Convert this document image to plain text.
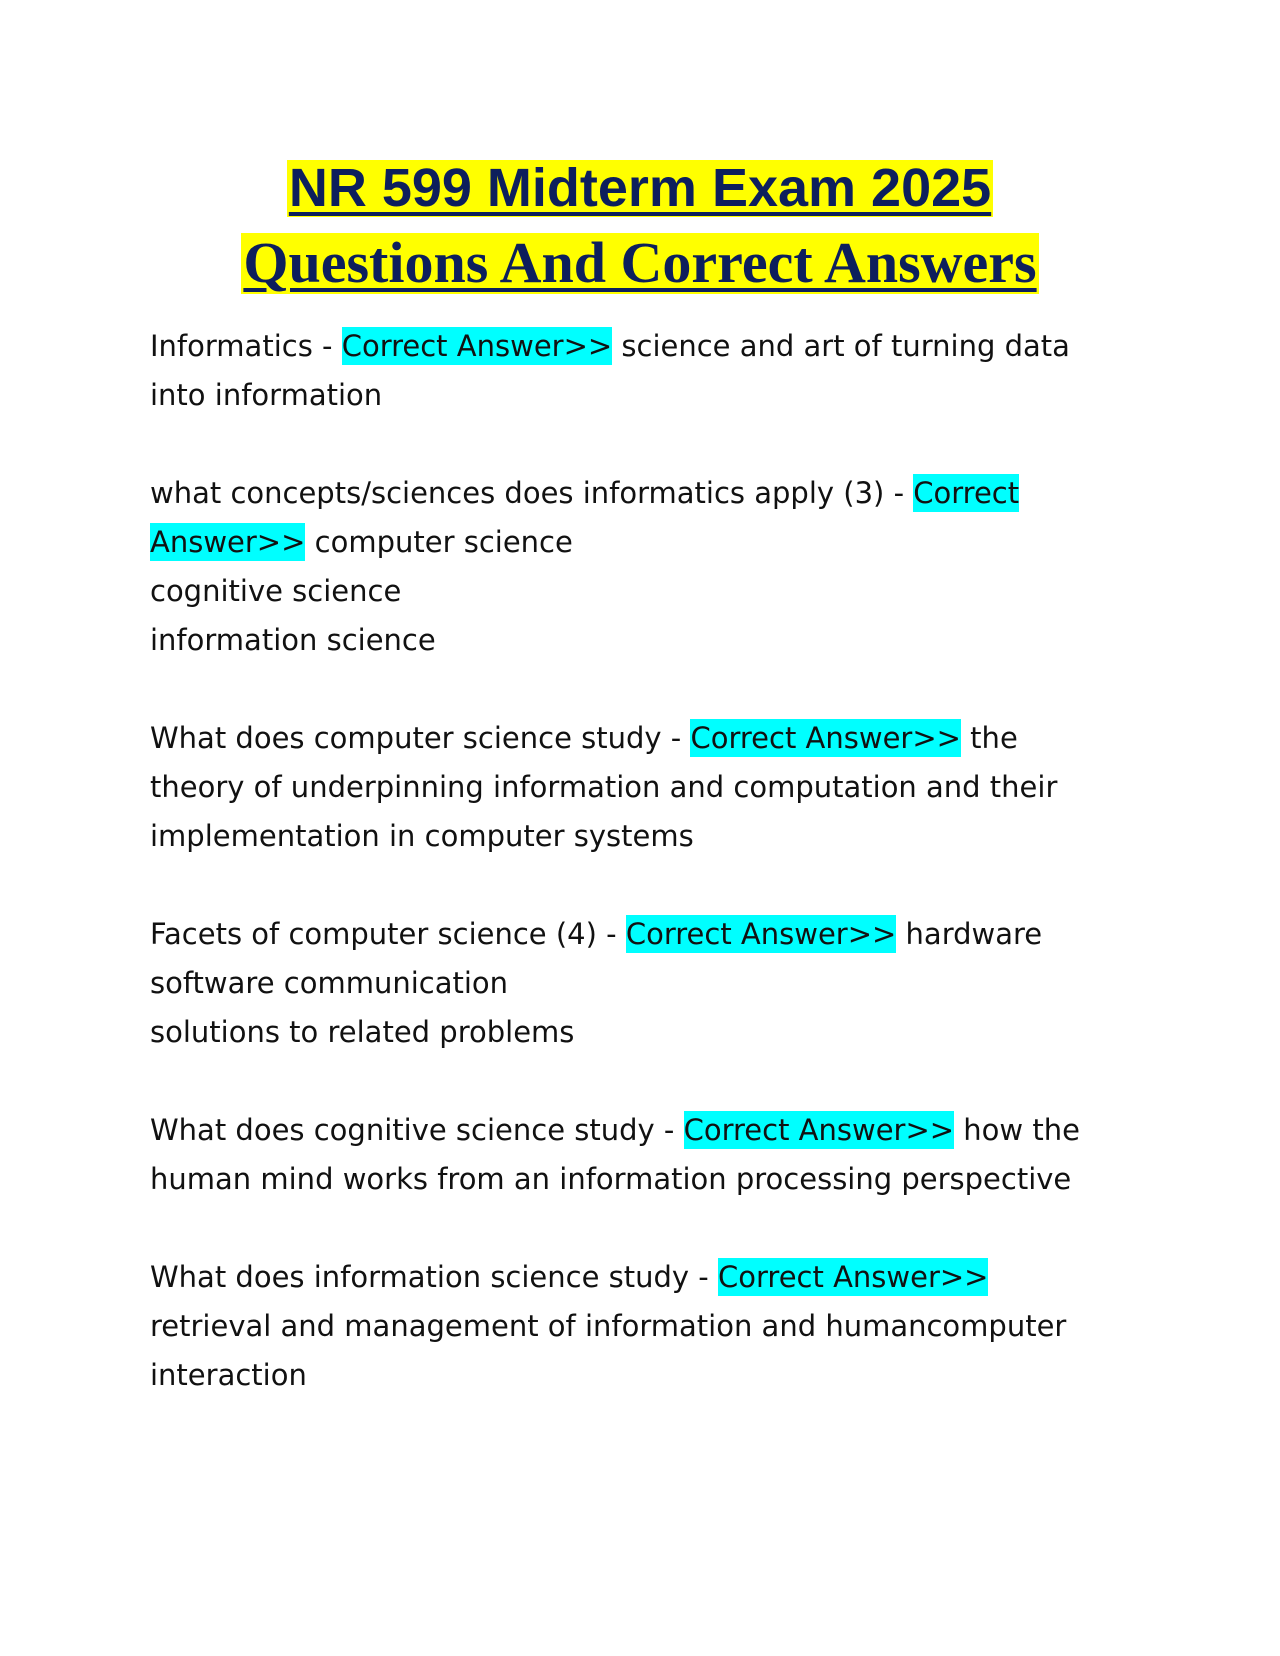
NR 599 Midterm Exam 2025
Questions And Correct Answers
Informatics - Correct Answer>> science and art of turning data
into information
what concepts/sciences does informatics apply (3) - Correct
Answer>> computer science
cognitive science
information science
What does computer science study - Correct Answer>> the
theory of underpinning information and computation and their
implementation in computer systems
Facets of computer science (4) - Correct Answer>> hardware
software communication
solutions to related problems
What does cognitive science study - Correct Answer>> how the
human mind works from an information processing perspective
What does information science study - Correct Answer>>
retrieval and management of information and humancomputer
interaction
